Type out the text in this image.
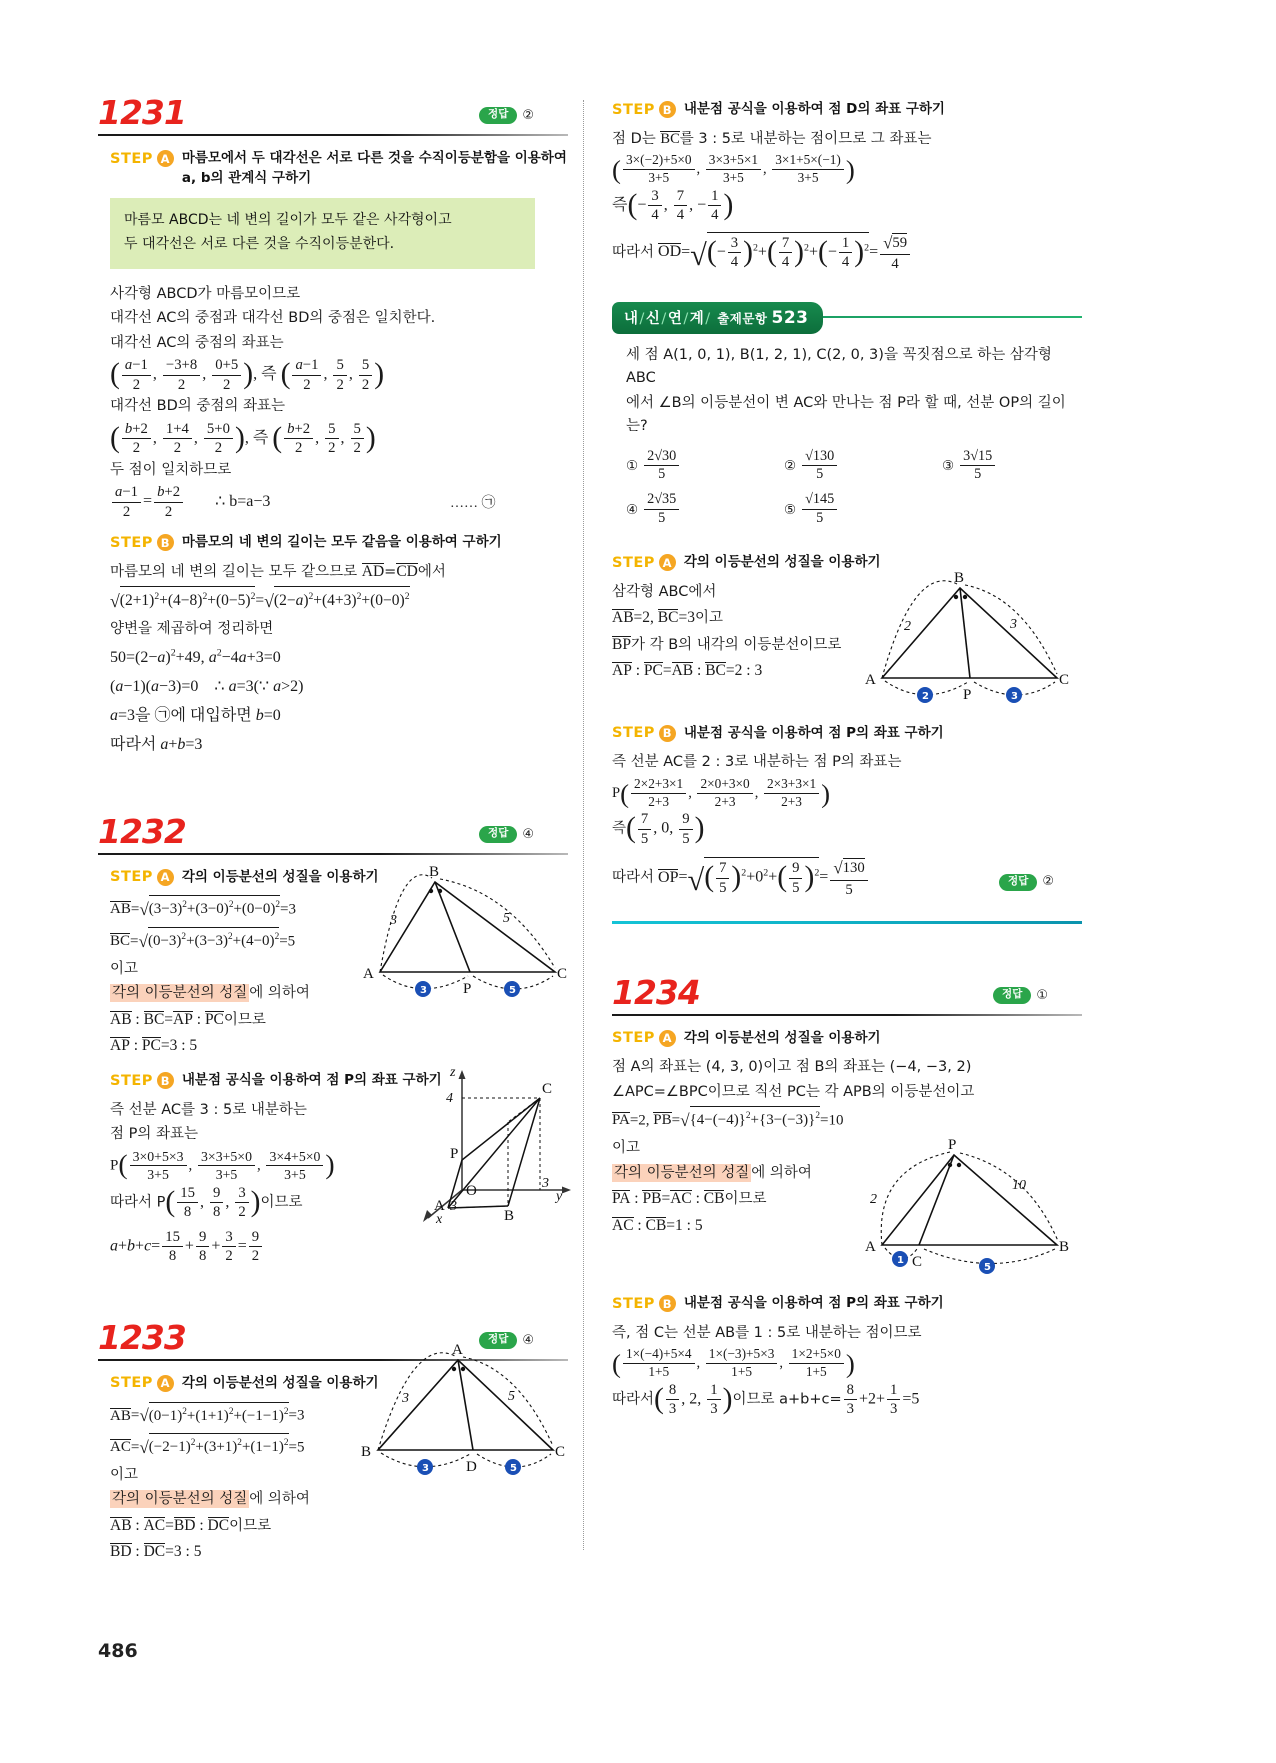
1231	정답	②
STEP A 마름모에서 두 대각선은 서로 다른 것을 수직이등분함을 이용하여
a, b의 관계식 구하기

마름모 ABCD는 네 변의 길이가 모두 같은 사각형이고

두 대각선은 서로 다른 것을 수직이등분한다.

사각형 ABCD가 마름모이므로
대각선 AC의 중점과 대각선 BD의 중점은 일치한다.
대각선 AC의 중점의 좌표는
( $\frac{a-1}{2}$ , $\frac{-3+8}{2}$ , $\frac{0+5}{2}$ ), 즉 ( $\frac{a-1}{2}$ , $\frac{5}{2}$ , $\frac{5}{2}$ )
대각선 BD의 중점의 좌표는
( $\frac{b+2}{2}$ , $\frac{1+4}{2}$ , $\frac{5+0}{2}$ ), 즉 ( $\frac{b+2}{2}$ , $\frac{5}{2}$ , $\frac{5}{2}$ )
두 점이 일치하므로
$\frac{a-1}{2} = \frac{b+2}{2}$ ∴ b=a−3	…… ㉠
STEP B 마름모의 네 변의 길이는 모두 같음을 이용하여 구하기
마름모의 네 변의 길이는 모두 같으므로 AD=CD에서
$√(2+1)^2+(4-8)^2+(0-5)^2=√(2-a)^2+(4+3)^2+(0-0)^2$
양변을 제곱하여 정리하면
$50=(2-a)^2+49$, $a^2-4a+3=0$
(a−1)(a−3)=0    ∴ a=3(∵ a>2)
a=3을 ㉠에 대입하면 b=0
따라서 a+b=3
1232	정답	④
STEP A 각의 이등분선의 성질을 이용하기
$AB=√(3-3)^2+(3-0)^2+(0-0)^2=3$
$BC=√(0-3)^2+(3-3)^2+(4-0)^2=5$
이고
각의 이등분선의 성질 에 의하여
AB : BC=AP : PC이므로
AP : PC=3 : 5
STEP B 내분점 공식을 이용하여 점 P의 좌표 구하기
즉 선분 AC를 3 : 5로 내분하는
점 P의 좌표는
$P( \frac{3\times 0+5\times 3}{3+5}$ , $\frac{3\times 3+5\times 0}{3+5}$ , $\frac{3\times 4+5\times 0}{3+5}$ )
따라서 $P( \frac{15}{8}$ , $\frac{9}{8}$ , $\frac{3}{2}$ )이므로
$a+b+c= \frac{15}{8} + \frac{9}{8} + \frac{3}{2} = \frac{9}{2}$
1233	정답	④
STEP A 각의 이등분선의 성질을 이용하기
$AB=√(0-1)^2+(1+1)^2+(-1-1)^2=3$
$AC=√(-2-1)^2+(3+1)^2+(1-1)^2=5$
이고
각의 이등분선의 성질 에 의하여
AB : AC=BD : DC이므로
BD : DC=3 : 5
STEP B 내분점 공식을 이용하여 점 D의 좌표 구하기
점 D는 BC를 3 : 5로 내분하는 점이므로 그 좌표는
( $\frac{3\times(-2)+5\times 0}{3+5}$ , $\frac{3\times 3+5\times 1}{3+5}$ , $\frac{3\times 1+5\times(-1)}{3+5}$ )
즉(− $\frac{3}{4}$ , $\frac{7}{4}$ , − $\frac{1}{4}$ )
따라서 $OD=√(- \frac{3}{4} )^2+( \frac{7}{4} )^2+(- \frac{1}{4} )^2= \frac{√59}{4}$
내/신/연/계/ 출제문항 523
세 점 A(1, 0, 1), B(1, 2, 1), C(2, 0, 3)을 꼭짓점으로 하는 삼각형 ABC
에서 ∠B의 이등분선이 변 AC와 만나는 점 P라 할 때, 선분 OP의 길이는?
① $\frac{2√30}{5}$	② $\frac{√130}{5}$	③ $\frac{3√15}{5}$
④ $\frac{2√35}{5}$	⑤ $\frac{√145}{5}$
STEP A 각의 이등분선의 성질을 이용하기
삼각형 ABC에서
AB=2, BC=3이고
BP가 각 B의 내각의 이등분선이므로
AP : PC=AB : BC=2 : 3
STEP B 내분점 공식을 이용하여 점 P의 좌표 구하기
즉 선분 AC를 2 : 3로 내분하는 점 P의 좌표는
$P( \frac{2\times 2+3\times 1}{2+3}$ , $\frac{2\times 0+3\times 0}{2+3}$ , $\frac{2\times 3+3\times 1}{2+3}$ )
즉( $\frac{7}{5}$ , 0, $\frac{9}{5}$ )
따라서 $OP=√( \frac{7}{5} )^2+0^2+( \frac{9}{5} )^2= \frac{√130}{5}$	정답	②
1234	정답	①
STEP A 각의 이등분선의 성질을 이용하기
점 A의 좌표는 (4, 3, 0)이고 점 B의 좌표는 (−4, −3, 2)
∠APC=∠BPC이므로 직선 PC는 각 APB의 이등분선이고
PA=2, $PB=√\{4-(-4)\}^2+\{3-(-3)\}^2=10$
이고
각의 이등분선의 성질 에 의하여
PA : PB=AC : CB이므로
AC : CB=1 : 5
STEP B 내분점 공식을 이용하여 점 P의 좌표 구하기
즉, 점 C는 선분 AB를 1 : 5로 내분하는 점이므로
( $\frac{1\times(-4)+5\times 4}{1+5}$ , $\frac{1\times(-3)+5\times 3}{1+5}$ , $\frac{1\times 2+5\times 0}{1+5}$ )
따라서( $\frac{8}{3}$ , 2, $\frac{1}{3}$ )이므로 $a+b+c= \frac{8}{3} +2+ \frac{1}{3} =5$
B
A	C
P
3	5
3	5
z
y
x
4
3
3
O
C
A
B
P
A
B	C
D
3	5
3	5
B
A	C
P
2	3
2	3
P
A	B
C
2
10
1
5
486
